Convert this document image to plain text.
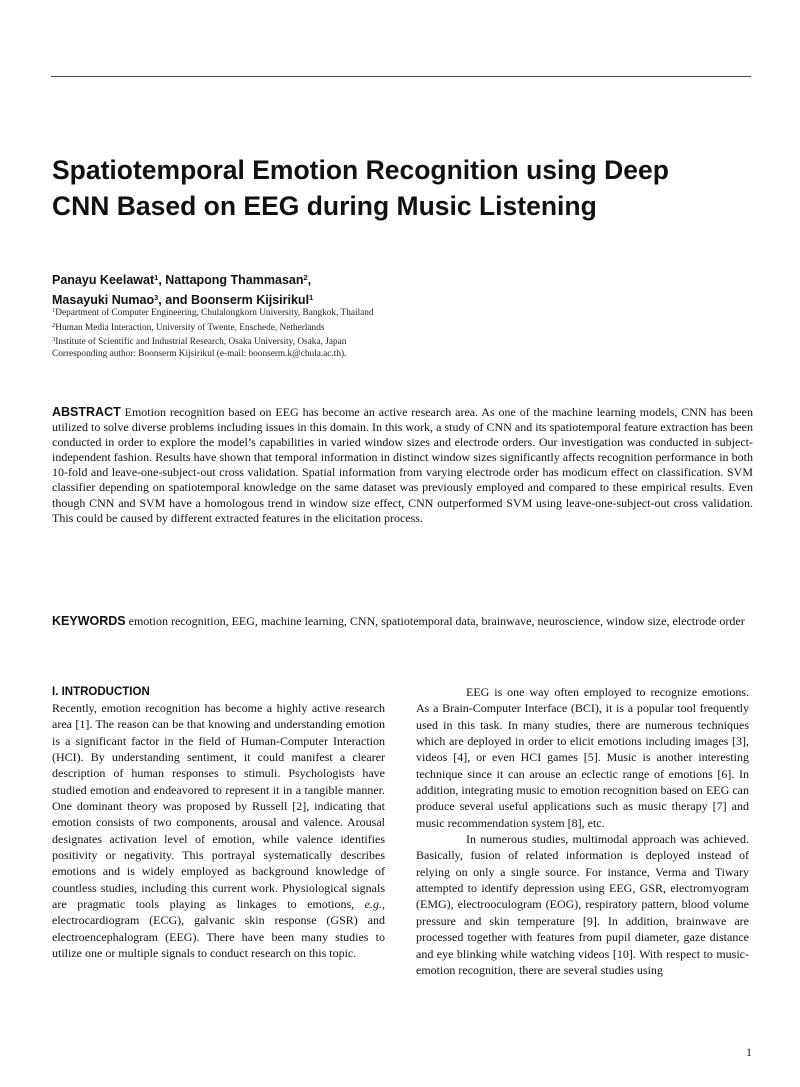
Spatiotemporal Emotion Recognition using Deep CNN Based on EEG during Music Listening
Panayu Keelawat$^1$, Nattapong Thammasan$^2$,
Masayuki Numao$^3$, and Boonserm Kijsirikul$^1$
$^1$Department of Computer Engineering, Chulalongkorn University, Bangkok, Thailand
$^2$Human Media Interaction, University of Twente, Enschede, Netherlands
$^3$Institute of Scientific and Industrial Research, Osaka University, Osaka, Japan
Corresponding author: Boonserm Kijsirikul (e-mail: boonserm.k@chula.ac.th).

ABSTRACT Emotion recognition based on EEG has become an active research area. As one of the machine learning models, CNN has been utilized to solve diverse problems including issues in this domain. In this work, a study of CNN and its spatiotemporal feature extraction has been conducted in order to explore the model’s capabilities in varied window sizes and electrode orders. Our investigation was conducted in subject-independent fashion. Results have shown that temporal information in distinct window sizes significantly affects recognition performance in both 10-fold and leave-one-subject-out cross validation. Spatial information from varying electrode order has modicum effect on classification. SVM classifier depending on spatiotemporal knowledge on the same dataset was previously employed and compared to these empirical results. Even though CNN and SVM have a homologous trend in window size effect, CNN outperformed SVM using leave-one-subject-out cross validation. This could be caused by different extracted features in the elicitation process.

KEYWORDS emotion recognition, EEG, machine learning, CNN, spatiotemporal data, brainwave, neuroscience, window size, electrode order

I. INTRODUCTION

Recently, emotion recognition has become a highly active research area [1]. The reason can be that knowing and understanding emotion is a significant factor in the field of Human-Computer Interaction (HCI). By understanding sentiment, it could manifest a clearer description of human responses to stimuli. Psychologists have studied emotion and endeavored to represent it in a tangible manner. One dominant theory was proposed by Russell [2], indicating that emotion consists of two components, arousal and valence. Arousal designates activation level of emotion, while valence identifies positivity or negativity. This portrayal systematically describes emotions and is widely employed as background knowledge of countless studies, including this current work. Physiological signals are pragmatic tools playing as linkages to emotions, e.g., electrocardiogram (ECG), galvanic skin response (GSR) and electroencephalogram (EEG). There have been many studies to utilize one or multiple signals to conduct research on this topic.

EEG is one way often employed to recognize emotions. As a Brain-Computer Interface (BCI), it is a popular tool frequently used in this task. In many studies, there are numerous techniques which are deployed in order to elicit emotions including images [3], videos [4], or even HCI games [5]. Music is another interesting technique since it can arouse an eclectic range of emotions [6]. In addition, integrating music to emotion recognition based on EEG can produce several useful applications such as music therapy [7] and music recommendation system [8], etc.

In numerous studies, multimodal approach was achieved. Basically, fusion of related information is deployed instead of relying on only a single source. For instance, Verma and Tiwary attempted to identify depression using EEG, GSR, electromyogram (EMG), electrooculogram (EOG), respiratory pattern, blood volume pressure and skin temperature [9]. In addition, brainwave are processed together with features from pupil diameter, gaze distance and eye blinking while watching videos [10]. With respect to music-emotion recognition, there are several studies using

1
